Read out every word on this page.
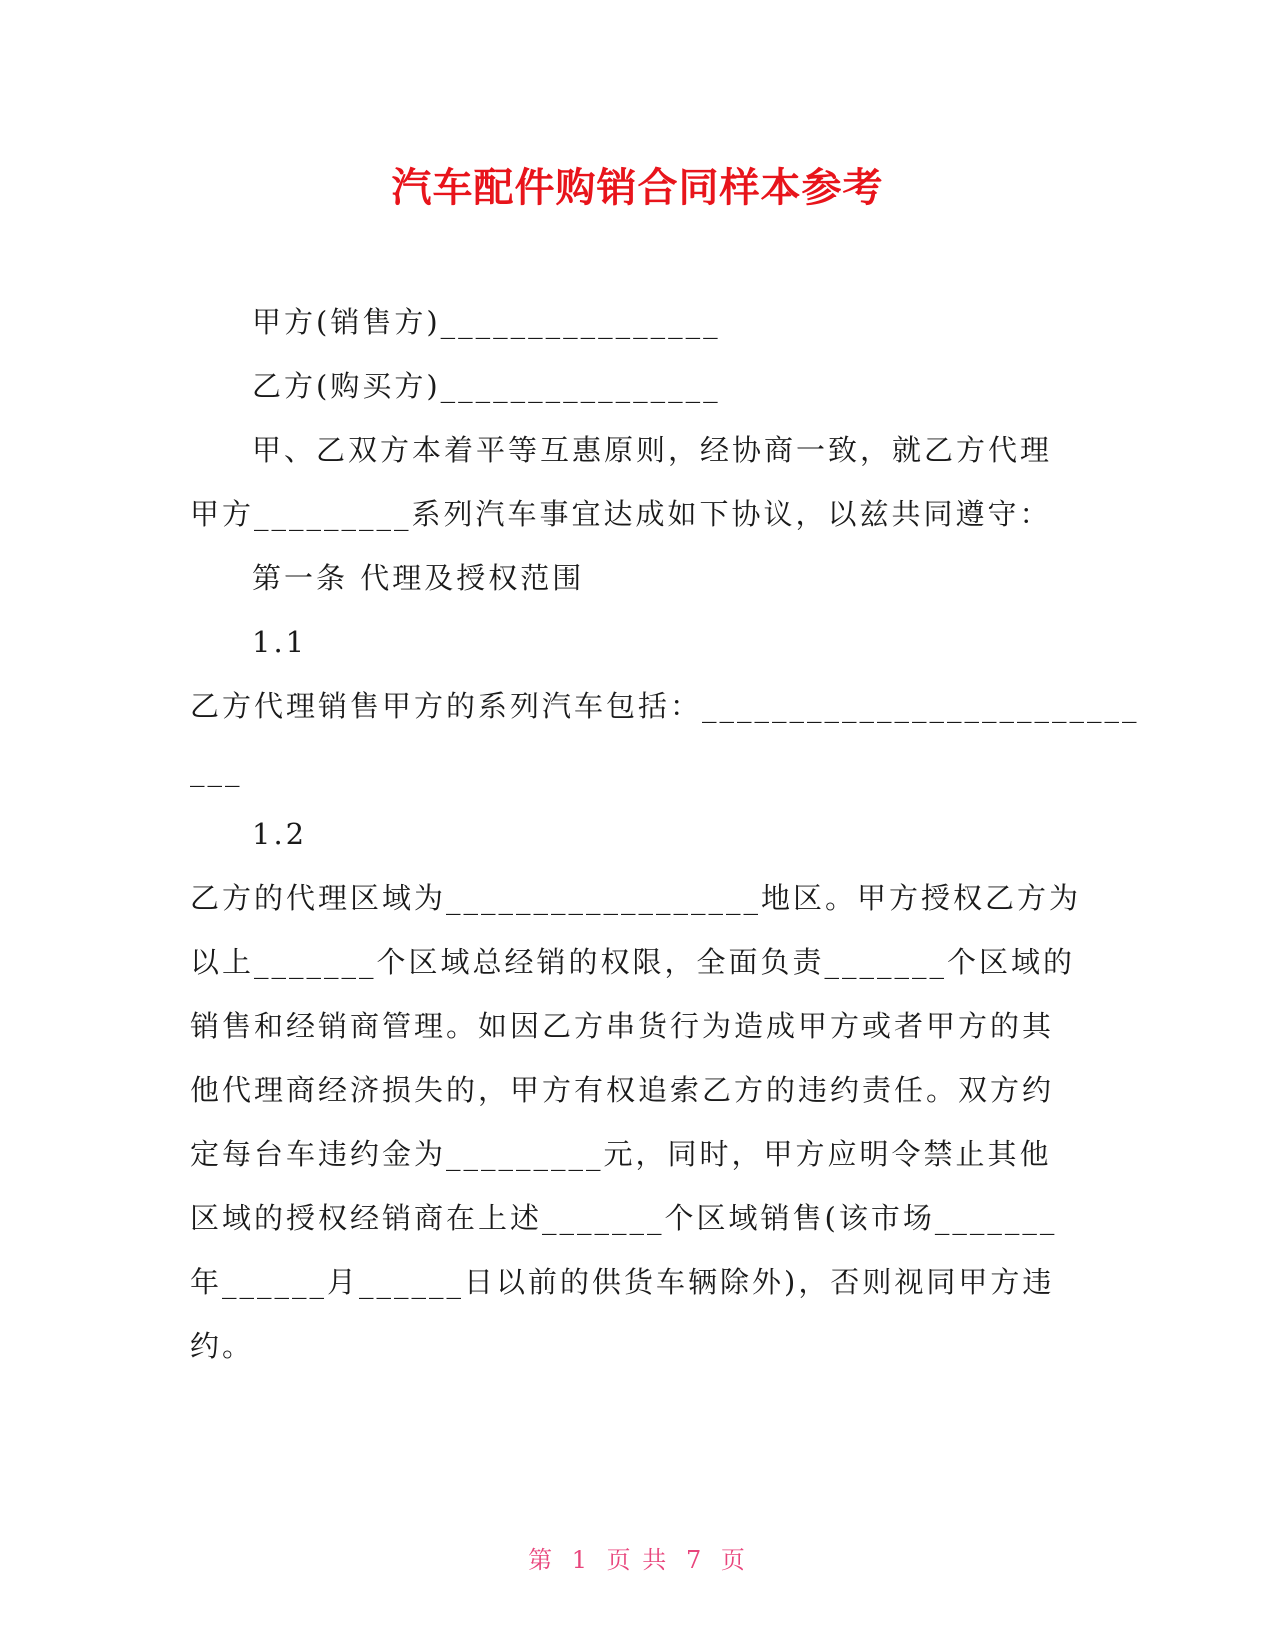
汽车配件购销合同样本参考
甲方(销售方)________________
乙方(购买方)________________
甲、乙双方本着平等互惠原则，经协商一致，就乙方代理
甲方_________系列汽车事宜达成如下协议，以兹共同遵守：
第一条 代理及授权范围
1.1
乙方代理销售甲方的系列汽车包括：_________________________
___
1.2
乙方的代理区域为__________________地区。甲方授权乙方为
以上_______个区域总经销的权限，全面负责_______个区域的
销售和经销商管理。如因乙方串货行为造成甲方或者甲方的其
他代理商经济损失的，甲方有权追索乙方的违约责任。双方约
定每台车违约金为_________元，同时，甲方应明令禁止其他
区域的授权经销商在上述_______个区域销售(该市场_______
年______月______日以前的供货车辆除外)，否则视同甲方违
约。
第 1 页 共 7 页
